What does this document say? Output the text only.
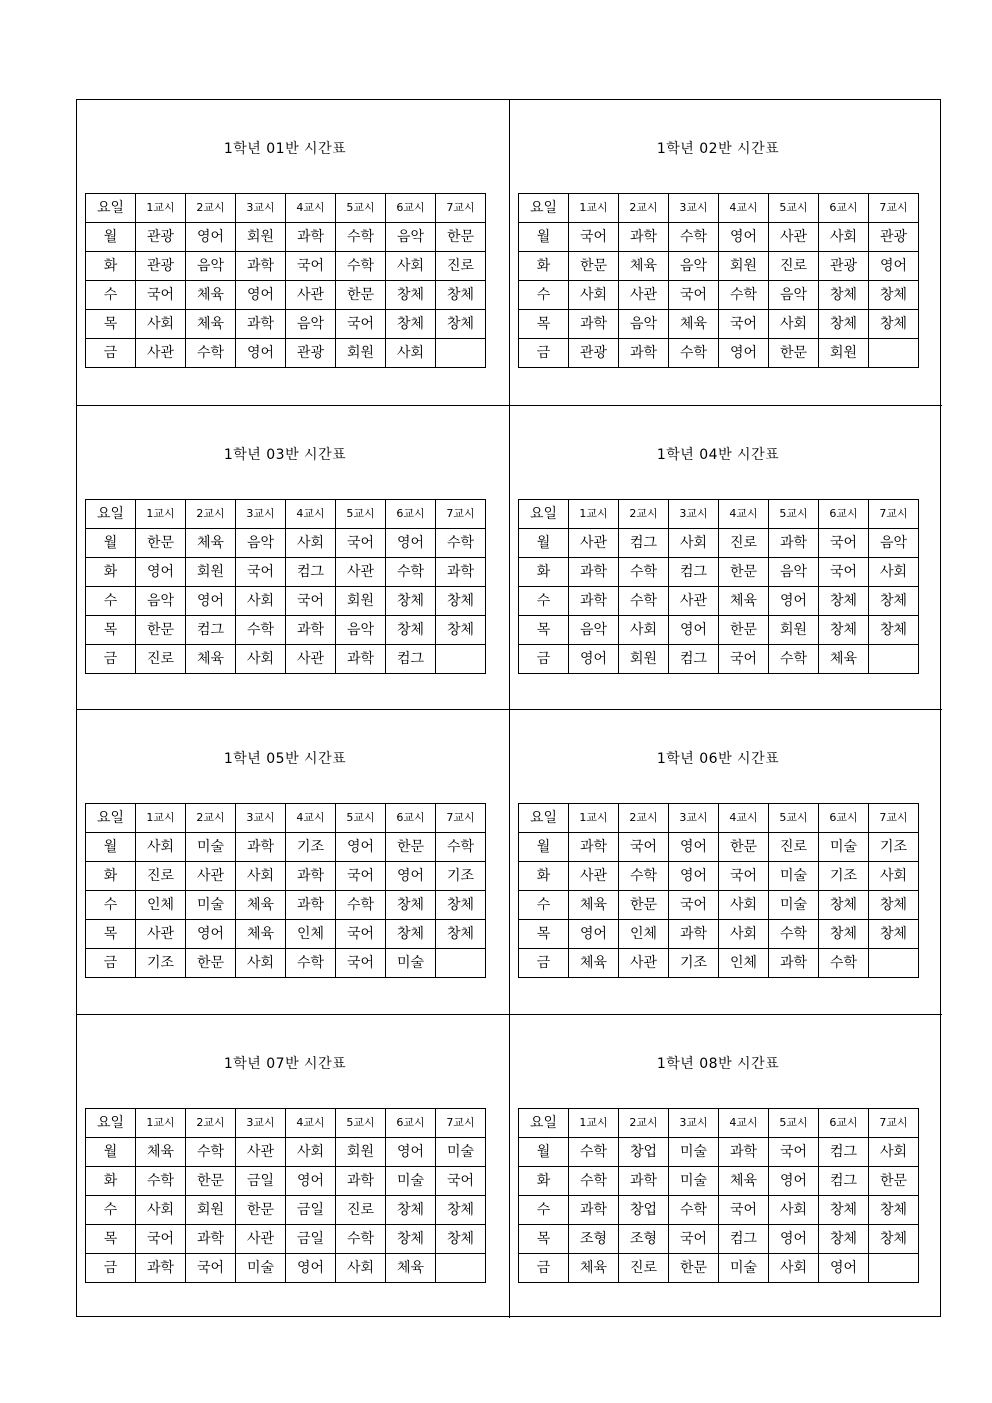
1학년 01반 시간표
요일	1교시	2교시	3교시	4교시	5교시	6교시	7교시
월	관광	영어	회원	과학	수학	음악	한문
화	관광	음악	과학	국어	수학	사회	진로
수	국어	체육	영어	사관	한문	창체	창체
목	사회	체육	과학	음악	국어	창체	창체
금	사관	수학	영어	관광	회원	사회	
1학년 02반 시간표
요일	1교시	2교시	3교시	4교시	5교시	6교시	7교시
월	국어	과학	수학	영어	사관	사회	관광
화	한문	체육	음악	회원	진로	관광	영어
수	사회	사관	국어	수학	음악	창체	창체
목	과학	음악	체육	국어	사회	창체	창체
금	관광	과학	수학	영어	한문	회원	
1학년 03반 시간표
요일	1교시	2교시	3교시	4교시	5교시	6교시	7교시
월	한문	체육	음악	사회	국어	영어	수학
화	영어	회원	국어	컴그	사관	수학	과학
수	음악	영어	사회	국어	회원	창체	창체
목	한문	컴그	수학	과학	음악	창체	창체
금	진로	체육	사회	사관	과학	컴그	
1학년 04반 시간표
요일	1교시	2교시	3교시	4교시	5교시	6교시	7교시
월	사관	컴그	사회	진로	과학	국어	음악
화	과학	수학	컴그	한문	음악	국어	사회
수	과학	수학	사관	체육	영어	창체	창체
목	음악	사회	영어	한문	회원	창체	창체
금	영어	회원	컴그	국어	수학	체육	
1학년 05반 시간표
요일	1교시	2교시	3교시	4교시	5교시	6교시	7교시
월	사회	미술	과학	기조	영어	한문	수학
화	진로	사관	사회	과학	국어	영어	기조
수	인체	미술	체육	과학	수학	창체	창체
목	사관	영어	체육	인체	국어	창체	창체
금	기조	한문	사회	수학	국어	미술	
1학년 06반 시간표
요일	1교시	2교시	3교시	4교시	5교시	6교시	7교시
월	과학	국어	영어	한문	진로	미술	기조
화	사관	수학	영어	국어	미술	기조	사회
수	체육	한문	국어	사회	미술	창체	창체
목	영어	인체	과학	사회	수학	창체	창체
금	체육	사관	기조	인체	과학	수학	
1학년 07반 시간표
요일	1교시	2교시	3교시	4교시	5교시	6교시	7교시
월	체육	수학	사관	사회	회원	영어	미술
화	수학	한문	금일	영어	과학	미술	국어
수	사회	회원	한문	금일	진로	창체	창체
목	국어	과학	사관	금일	수학	창체	창체
금	과학	국어	미술	영어	사회	체육	
1학년 08반 시간표
요일	1교시	2교시	3교시	4교시	5교시	6교시	7교시
월	수학	창업	미술	과학	국어	컴그	사회
화	수학	과학	미술	체육	영어	컴그	한문
수	과학	창업	수학	국어	사회	창체	창체
목	조형	조형	국어	컴그	영어	창체	창체
금	체육	진로	한문	미술	사회	영어	
